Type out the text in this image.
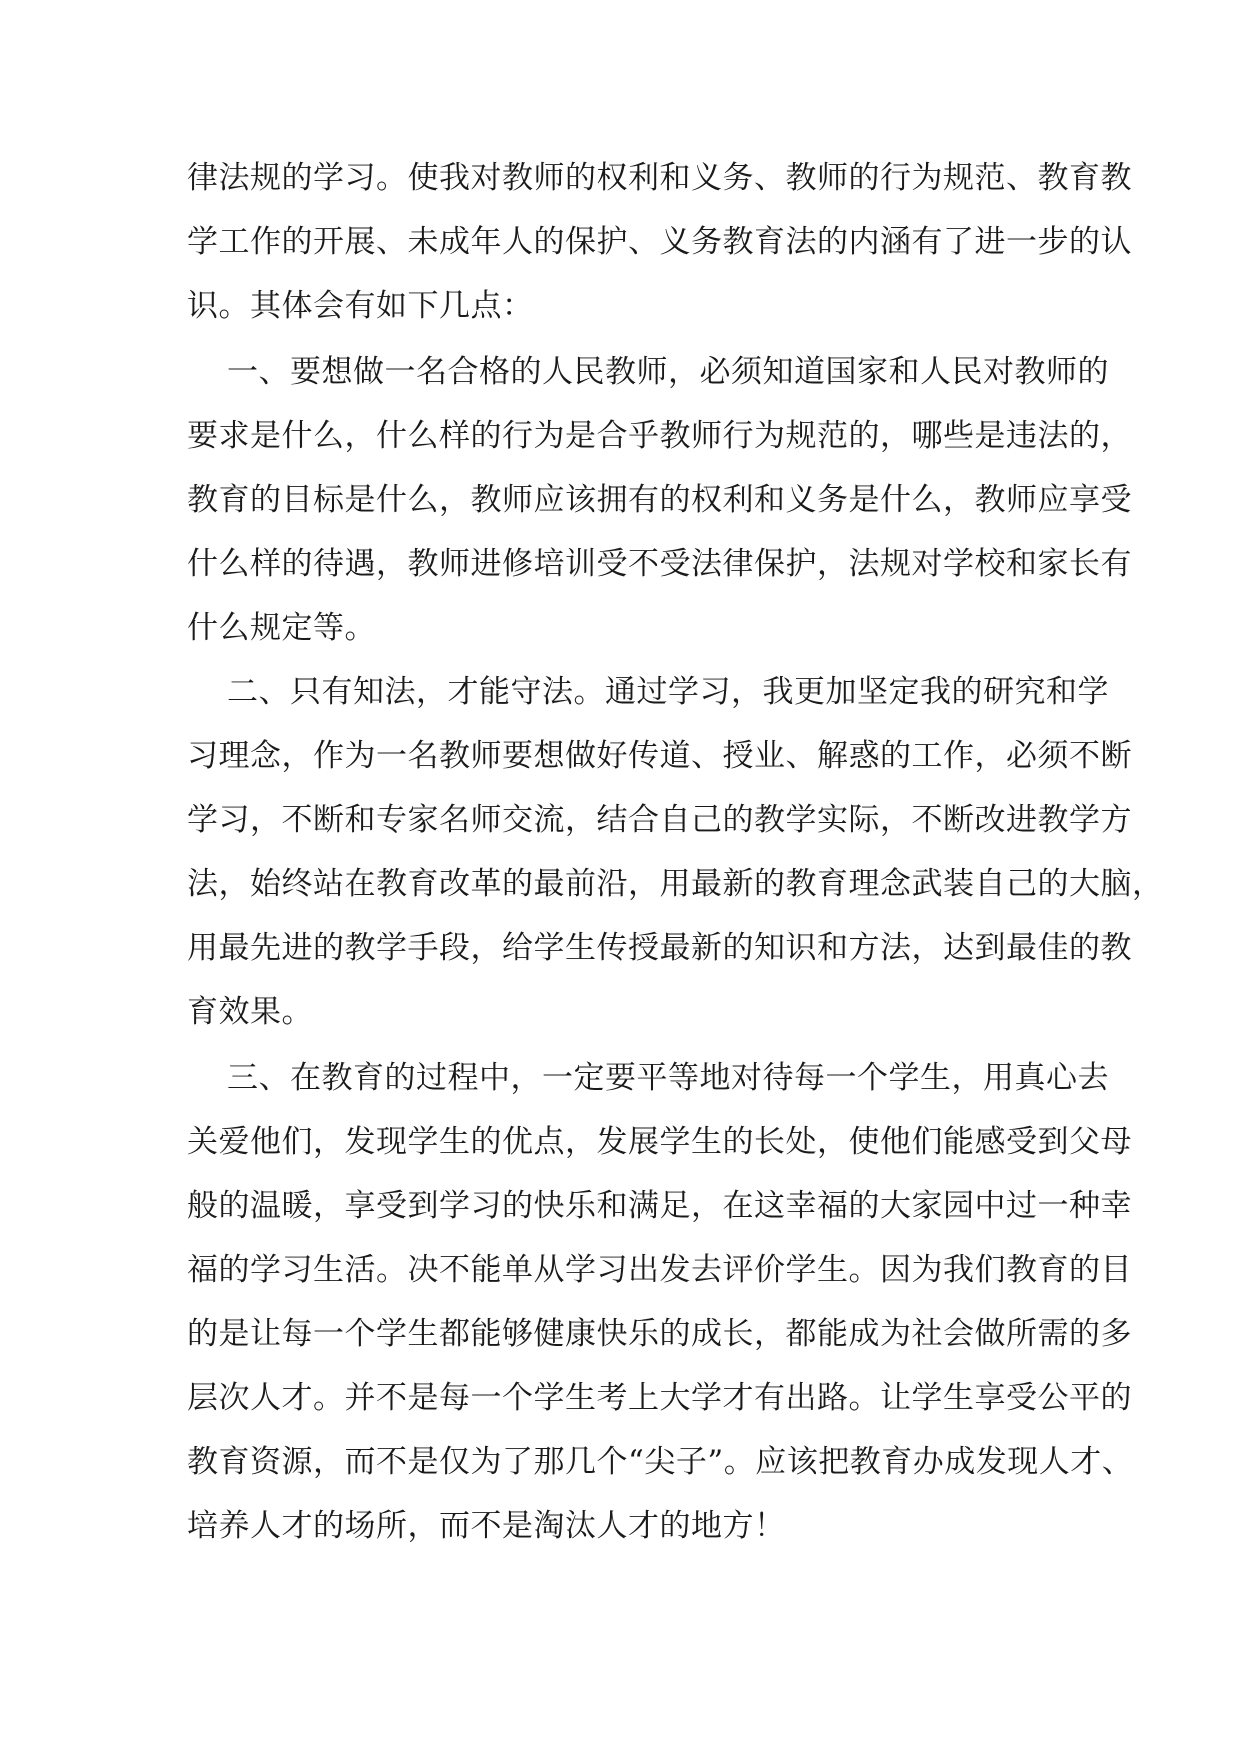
律法规的学习。使我对教师的权利和义务、教师的行为规范、教育教
学工作的开展、未成年人的保护、义务教育法的内涵有了进一步的认
识。其体会有如下几点：
一、要想做一名合格的人民教师，必须知道国家和人民对教师的
要求是什么，什么样的行为是合乎教师行为规范的，哪些是违法的，
教育的目标是什么，教师应该拥有的权利和义务是什么，教师应享受
什么样的待遇，教师进修培训受不受法律保护，法规对学校和家长有
什么规定等。
二、只有知法，才能守法。通过学习，我更加坚定我的研究和学
习理念，作为一名教师要想做好传道、授业、解惑的工作，必须不断
学习，不断和专家名师交流，结合自己的教学实际，不断改进教学方
法，始终站在教育改革的最前沿，用最新的教育理念武装自己的大脑，
用最先进的教学手段，给学生传授最新的知识和方法，达到最佳的教
育效果。
三、在教育的过程中，一定要平等地对待每一个学生，用真心去
关爱他们，发现学生的优点，发展学生的长处，使他们能感受到父母
般的温暖，享受到学习的快乐和满足，在这幸福的大家园中过一种幸
福的学习生活。决不能单从学习出发去评价学生。因为我们教育的目
的是让每一个学生都能够健康快乐的成长，都能成为社会做所需的多
层次人才。并不是每一个学生考上大学才有出路。让学生享受公平的
教育资源，而不是仅为了那几个“尖子”。应该把教育办成发现人才、
培养人才的场所，而不是淘汰人才的地方！
